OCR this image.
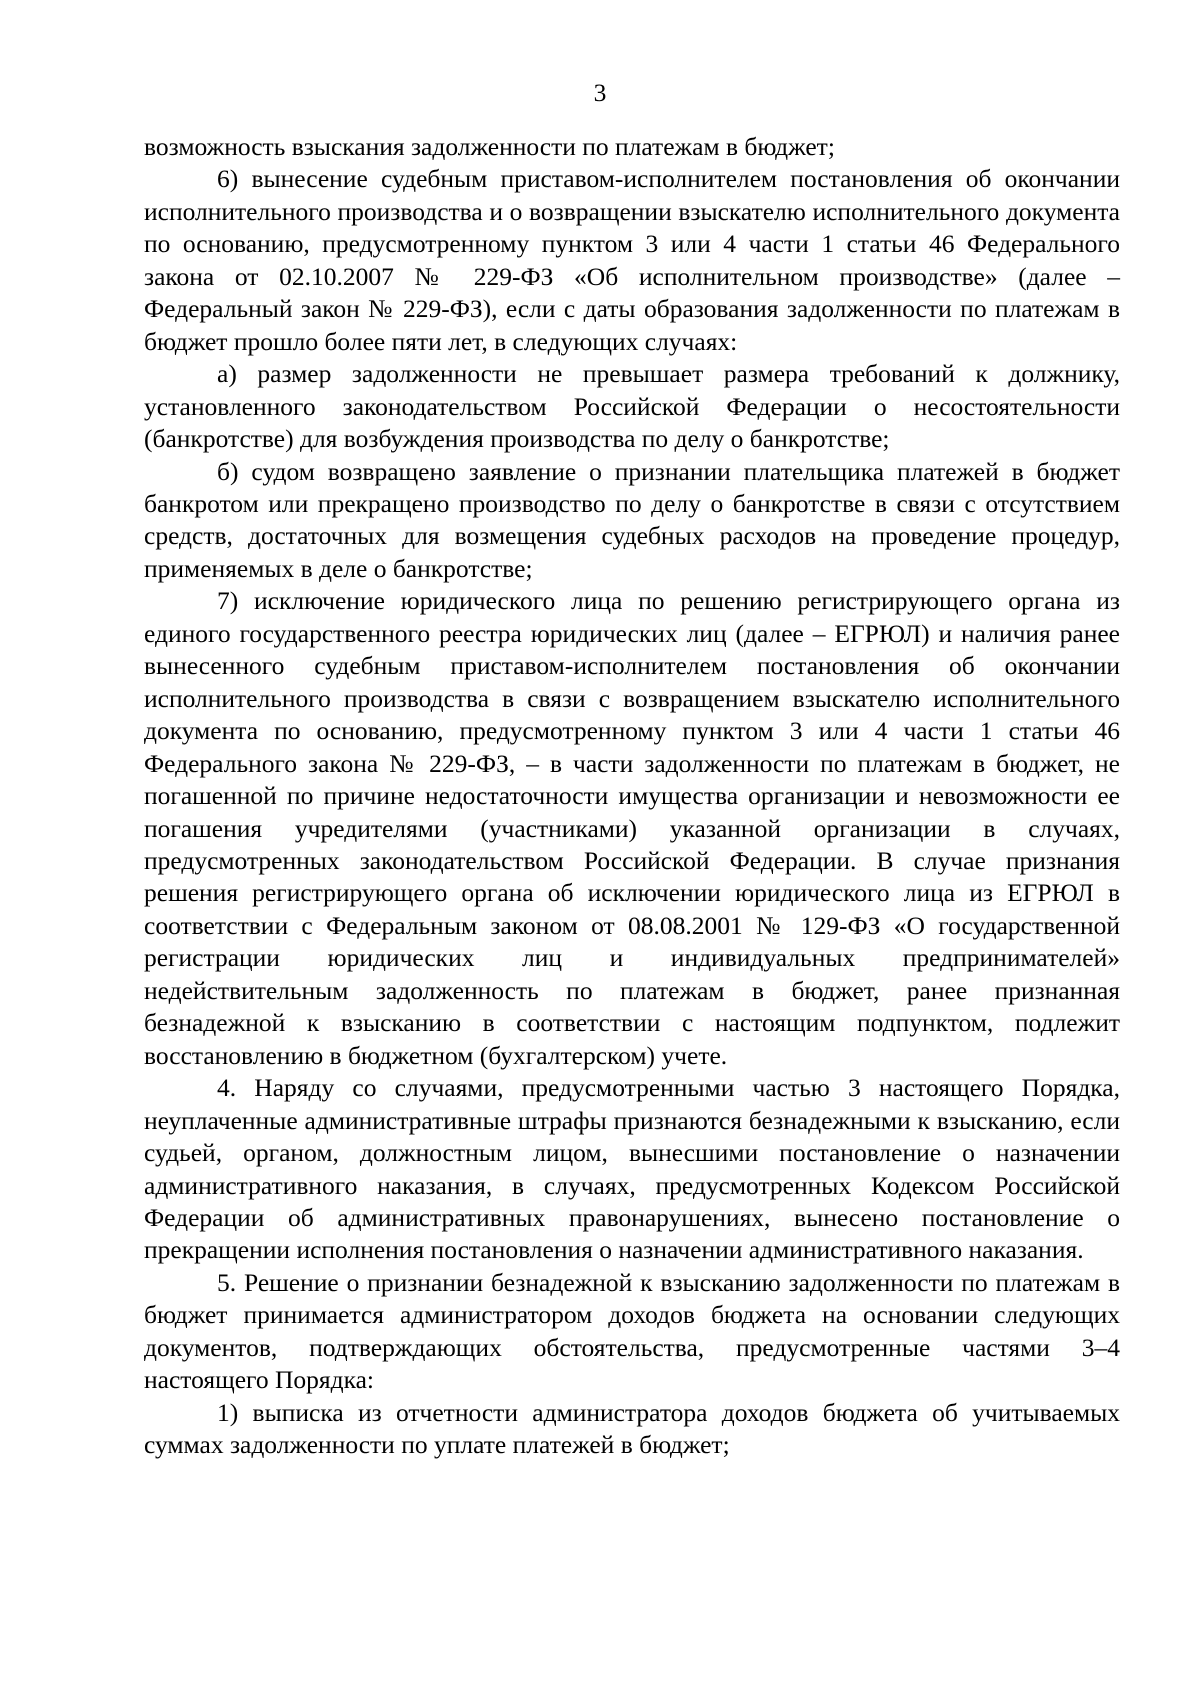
3

возможность взыскания задолженности по платежам в бюджет;

6) вынесение судебным приставом-исполнителем постановления об окончании исполнительного производства и о возвращении взыскателю исполнительного документа по основанию, предусмотренному пунктом 3 или 4 части 1 статьи 46 Федерального закона от 02.10.2007 № 229-ФЗ «Об исполнительном производстве» (далее – Федеральный закон № 229-ФЗ), если с даты образования задолженности по платежам в бюджет прошло более пяти лет, в следующих случаях:

а) размер задолженности не превышает размера требований к должнику, установленного законодательством Российской Федерации о несостоятельности (банкротстве) для возбуждения производства по делу о банкротстве;

б) судом возвращено заявление о признании плательщика платежей в бюджет банкротом или прекращено производство по делу о банкротстве в связи с отсутствием средств, достаточных для возмещения судебных расходов на проведение процедур, применяемых в деле о банкротстве;

7) исключение юридического лица по решению регистрирующего органа из единого государственного реестра юридических лиц (далее – ЕГРЮЛ) и наличия ранее вынесенного судебным приставом-исполнителем постановления об окончании исполнительного производства в связи с возвращением взыскателю исполнительного документа по основанию, предусмотренному пунктом 3 или 4 части 1 статьи 46 Федерального закона № 229-ФЗ, – в части задолженности по платежам в бюджет, не погашенной по причине недостаточности имущества организации и невозможности ее погашения учредителями (участниками) указанной организации в случаях, предусмотренных законодательством Российской Федерации. В случае признания решения регистрирующего органа об исключении юридического лица из ЕГРЮЛ в соответствии с Федеральным законом от 08.08.2001 № 129-ФЗ «О государственной регистрации юридических лиц и индивидуальных предпринимателей» недействительным задолженность по платежам в бюджет, ранее признанная безнадежной к взысканию в соответствии с настоящим подпунктом, подлежит восстановлению в бюджетном (бухгалтерском) учете.

4. Наряду со случаями, предусмотренными частью 3 настоящего Порядка, неуплаченные административные штрафы признаются безнадежными к взысканию, если судьей, органом, должностным лицом, вынесшими постановление о назначении административного наказания, в случаях, предусмотренных Кодексом Российской Федерации об административных правонарушениях, вынесено постановление о прекращении исполнения постановления о назначении административного наказания.

5. Решение о признании безнадежной к взысканию задолженности по платежам в бюджет принимается администратором доходов бюджета на основании следующих документов, подтверждающих обстоятельства, предусмотренные частями 3–4 настоящего Порядка:

1) выписка из отчетности администратора доходов бюджета об учитываемых суммах задолженности по уплате платежей в бюджет;
